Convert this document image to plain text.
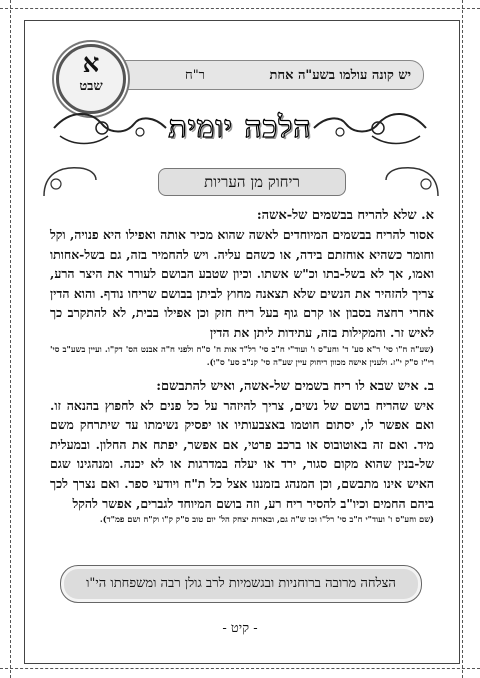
יש קונה עולמו בשע"ה אחת
ר"ח
א
שבט
הלכה יומית
ריחוק מן העריות

א. שלא להריח בבשמים של-אשה:

אסור להריח בבשמים המיוחדים לאשה שהוא מכיר אותה ואפילו היא פנויה, וקל וחומר כשהיא אוחזתם בידה, או כשהם עליה. ויש להחמיר בזה, גם בשל-אחותו ואמו, אך לא בשל-בתו וכ"ש אשתו. וכיון שטבע הבושם לעורר את היצר הרע, צריך להזהיר את הנשים שלא תצאנה מחוץ לביתן בבושם שריחו נודף. והוא הדין אחרי רחצה בסבון או קרם גוף בעל ריח חזק וכן אפילו בבית, לא להתקרב כך לאיש זר. והמקילות בזה, עתידות ליתן את הדין

(שע"ה ח"ו סי' ר"א סע' ד' וחע"ס ו' ועוד"י ח"ב סי' רל"ד אות ח' ס"ח ולפני ח"ה אבנט הס' דק"ו. ועיין בשע"ב סי' רי"ז ס"ק י"ז. ולענין אישה מכוון ריחוק עיין שע"ה סי' קנ"ב סע' ס"ו).

ב. איש שבא לו ריח בשמים של-אשה, ואיש להתבשם:

איש שהריח בושם של נשים, צריך להיזהר על כל פנים לא לחפוץ בהנאה זו. ואם אפשר לו, יסתום חוטמו באצבעותיו או יפסיק נשימתו עד שיתרחק משם מיד. ואם זה באוטובוס או ברכב פרטי, אם אפשר, יפתח את החלון. ובמעלית של-בנין שהוא מקום סגור, ירד או יעלה במדרגות או לא יכנה. ומנהגינו שגם האיש אינו מתבשם, וכן המנהג בזמננו אצל כל ת"ח ויודעי ספר. ואם נצרך לכך ביהם החמים וכיו"ב להסיר ריח רע, וזה בושם המיוחד לגברים, אפשר להקל

(שם וחע"ס ו' ועוד"י ח"ב סי' רל"ו וכו ש"ה גם, ובארות יצחק הל' יום טוב ס"ק ק"ו וק"ח ושם פמ"ד).

הצלחה מרובה ברוחניות ובגשמיות לרב גולן רבה ומשפחתו הי"ו
- קיט -
